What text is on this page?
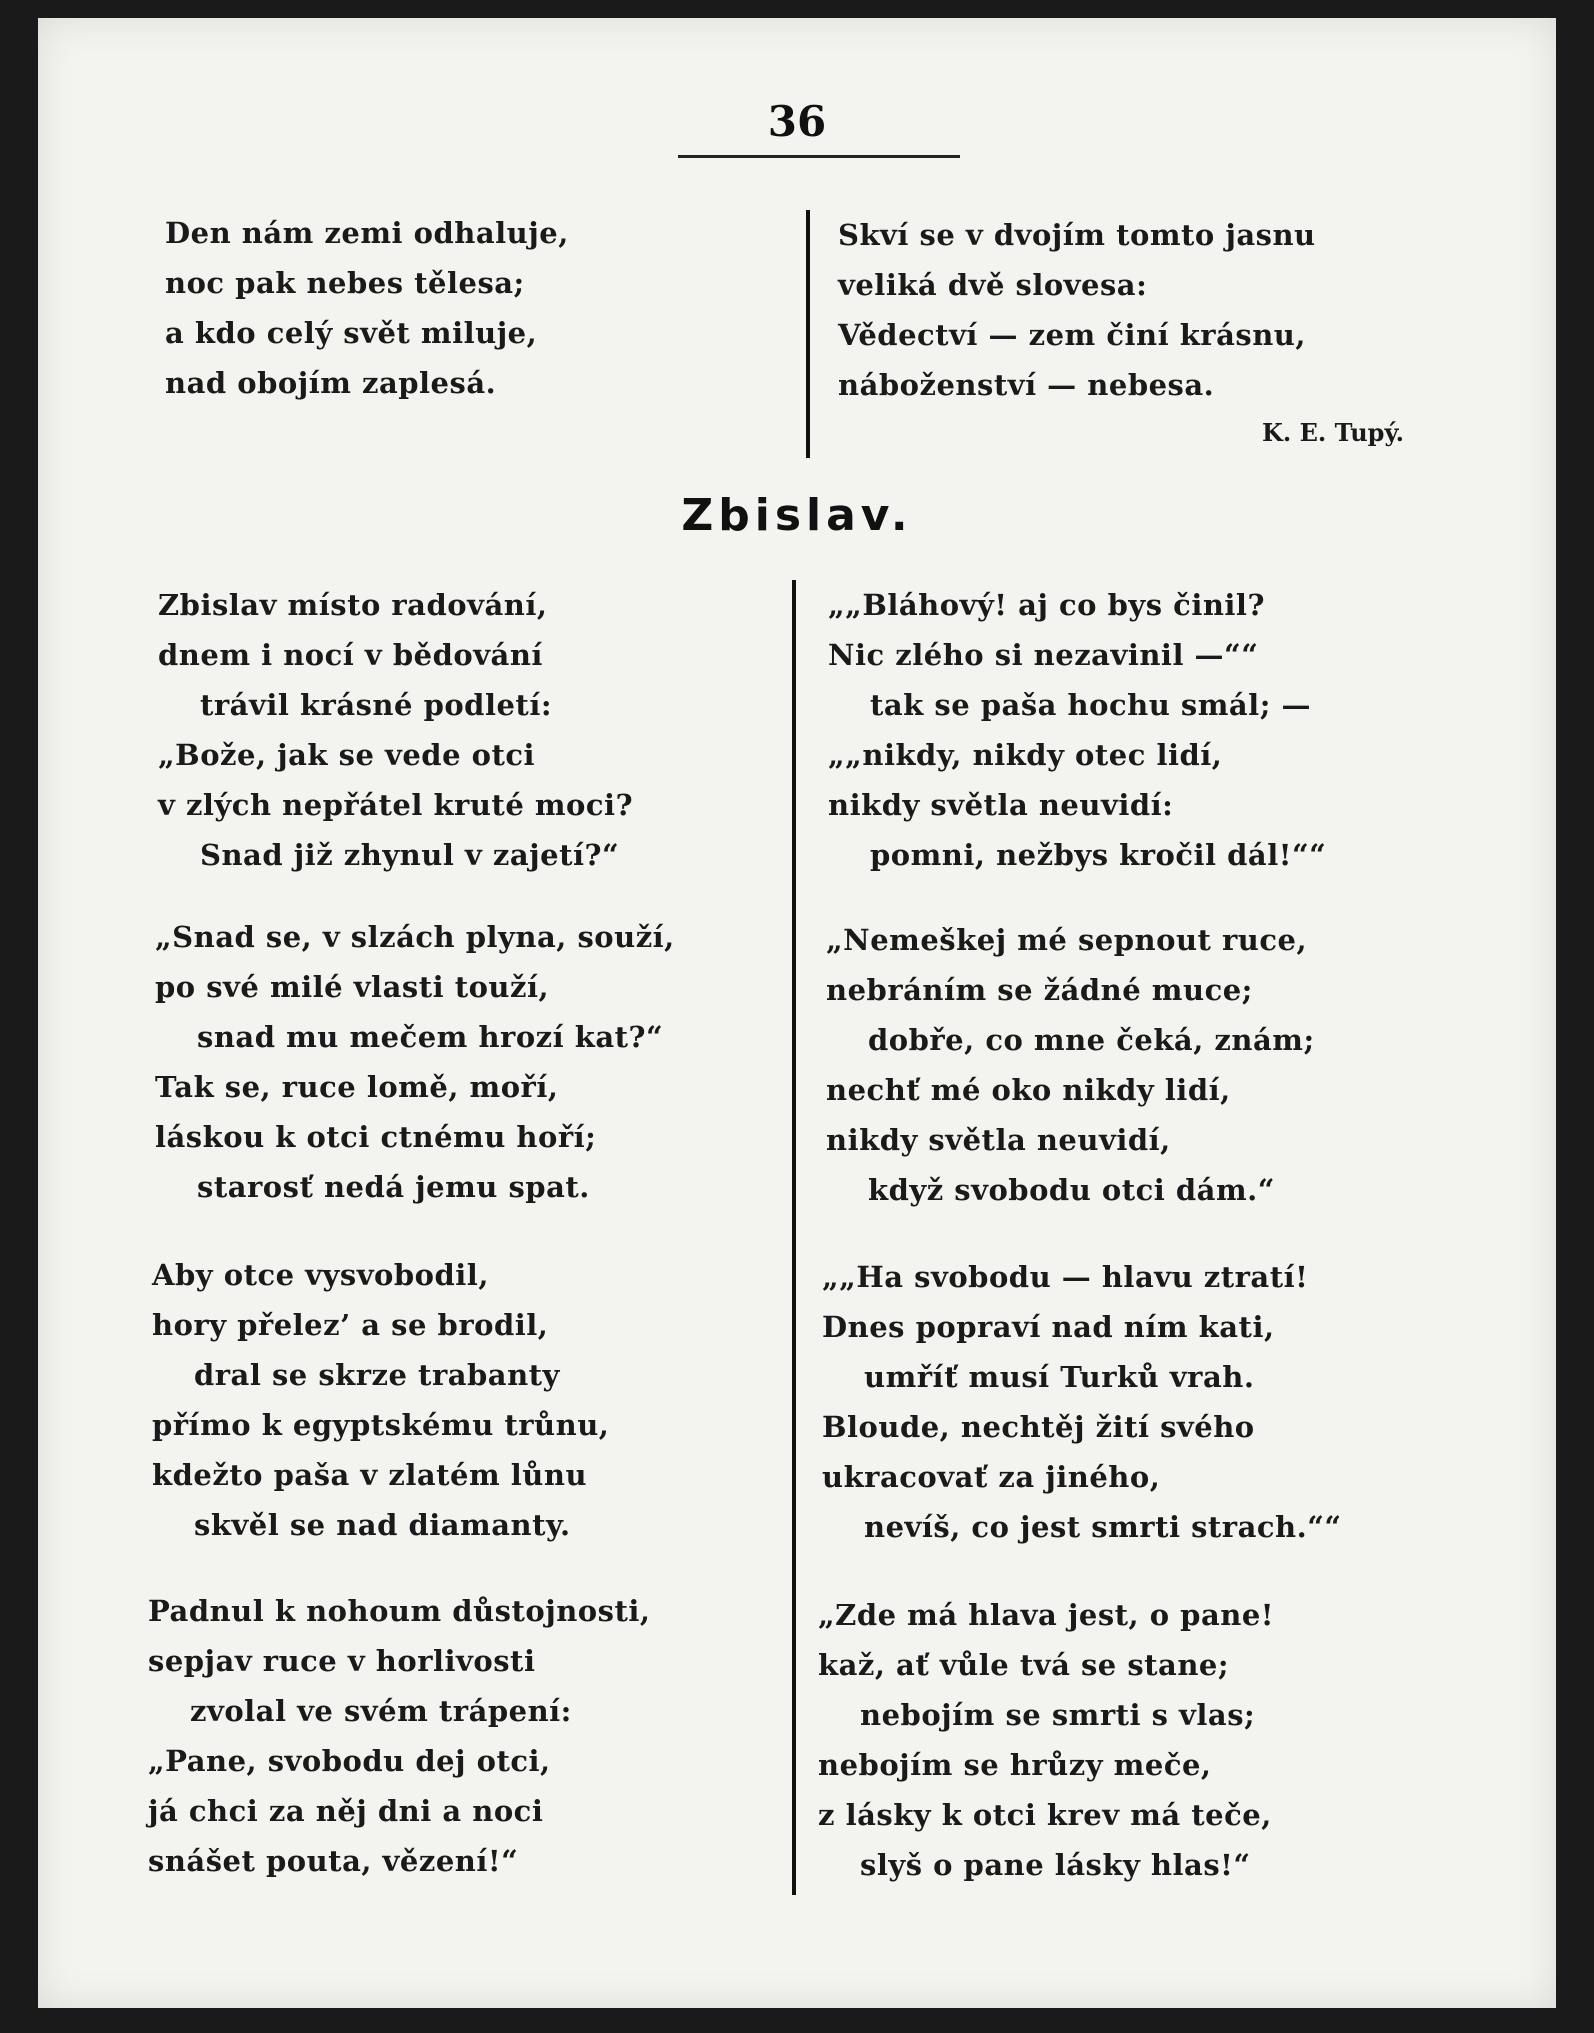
36
Den nám zemi odhaluje,
noc pak nebes tělesa;
a kdo celý svět miluje,
nad obojím zaplesá.
Skví se v dvojím tomto jasnu
veliká dvě slovesa:
Vědectví — zem činí krásnu,
náboženství — nebesa.
K. E. Tupý.
Zbislav.
Zbislav místo radování,
dnem i nocí v bědování
trávil krásné podletí:
„Bože, jak se vede otci
v zlých nepřátel kruté moci?
Snad již zhynul v zajetí?“
„Snad se, v slzách plyna, souží,
po své milé vlasti touží,
snad mu mečem hrozí kat?“
Tak se, ruce lomě, moří,
láskou k otci ctnému hoří;
starosť nedá jemu spat.
Aby otce vysvobodil,
hory přelez’ a se brodil,
dral se skrze trabanty
přímo k egyptskému trůnu,
kdežto paša v zlatém lůnu
skvěl se nad diamanty.
Padnul k nohoum důstojnosti,
sepjav ruce v horlivosti
zvolal ve svém trápení:
„Pane, svobodu dej otci,
já chci za něj dni a noci
snášet pouta, vězení!“
„„Bláhový! aj co bys činil?
Nic zlého si nezavinil —““
tak se paša hochu smál; —
„„nikdy, nikdy otec lidí,
nikdy světla neuvidí:
pomni, nežbys kročil dál!““
„Nemeškej mé sepnout ruce,
nebráním se žádné muce;
dobře, co mne čeká, znám;
nechť mé oko nikdy lidí,
nikdy světla neuvidí,
když svobodu otci dám.“
„„Ha svobodu — hlavu ztratí!
Dnes popraví nad ním kati,
umříť musí Turků vrah.
Bloude, nechtěj žití svého
ukracovať za jiného,
nevíš, co jest smrti strach.““
„Zde má hlava jest, o pane!
kaž, ať vůle tvá se stane;
nebojím se smrti s vlas;
nebojím se hrůzy meče,
z lásky k otci krev má teče,
slyš o pane lásky hlas!“
